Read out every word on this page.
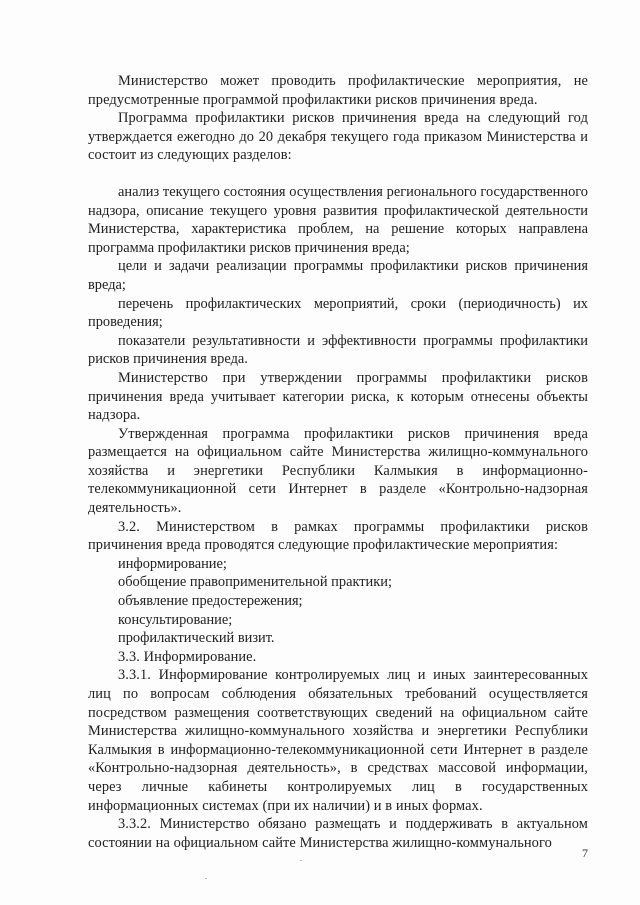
Министерство может проводить профилактические мероприятия, не предусмотренные программой профилактики рисков причинения вреда.

Программа профилактики рисков причинения вреда на следующий год утверждается ежегодно до 20 декабря текущего года приказом Министерства и состоит из следующих разделов:

анализ текущего состояния осуществления регионального государственного надзора, описание текущего уровня развития профилактической деятельности Министерства, характеристика проблем, на решение которых направлена программа профилактики рисков причинения вреда;

цели и задачи реализации программы профилактики рисков причинения вреда;

перечень профилактических мероприятий, сроки (периодичность) их проведения;

показатели результативности и эффективности программы профилактики рисков причинения вреда.

Министерство при утверждении программы профилактики рисков причинения вреда учитывает категории риска, к которым отнесены объекты надзора.

Утвержденная программа профилактики рисков причинения вреда размещается на официальном сайте Министерства жилищно-коммунального хозяйства и энергетики Республики Калмыкия в информационно-телекоммуникационной сети Интернет в разделе «Контрольно-надзорная деятельность».

3.2. Министерством в рамках программы профилактики рисков причинения вреда проводятся следующие профилактические мероприятия:

информирование;

обобщение правоприменительной практики;

объявление предостережения;

консультирование;

профилактический визит.

3.3. Информирование.

3.3.1. Информирование контролируемых лиц и иных заинтересованных лиц по вопросам соблюдения обязательных требований осуществляется посредством размещения соответствующих сведений на официальном сайте Министерства жилищно-коммунального хозяйства и энергетики Республики Калмыкия в информационно-телекоммуникационной сети Интернет в разделе «Контрольно-надзорная деятельность», в средствах массовой информации, через личные кабинеты контролируемых лиц в государственных информационных системах (при их наличии) и в иных формах.

3.3.2. Министерство обязано размещать и поддерживать в актуальном состоянии на официальном сайте Министерства жилищно-коммунального

7
